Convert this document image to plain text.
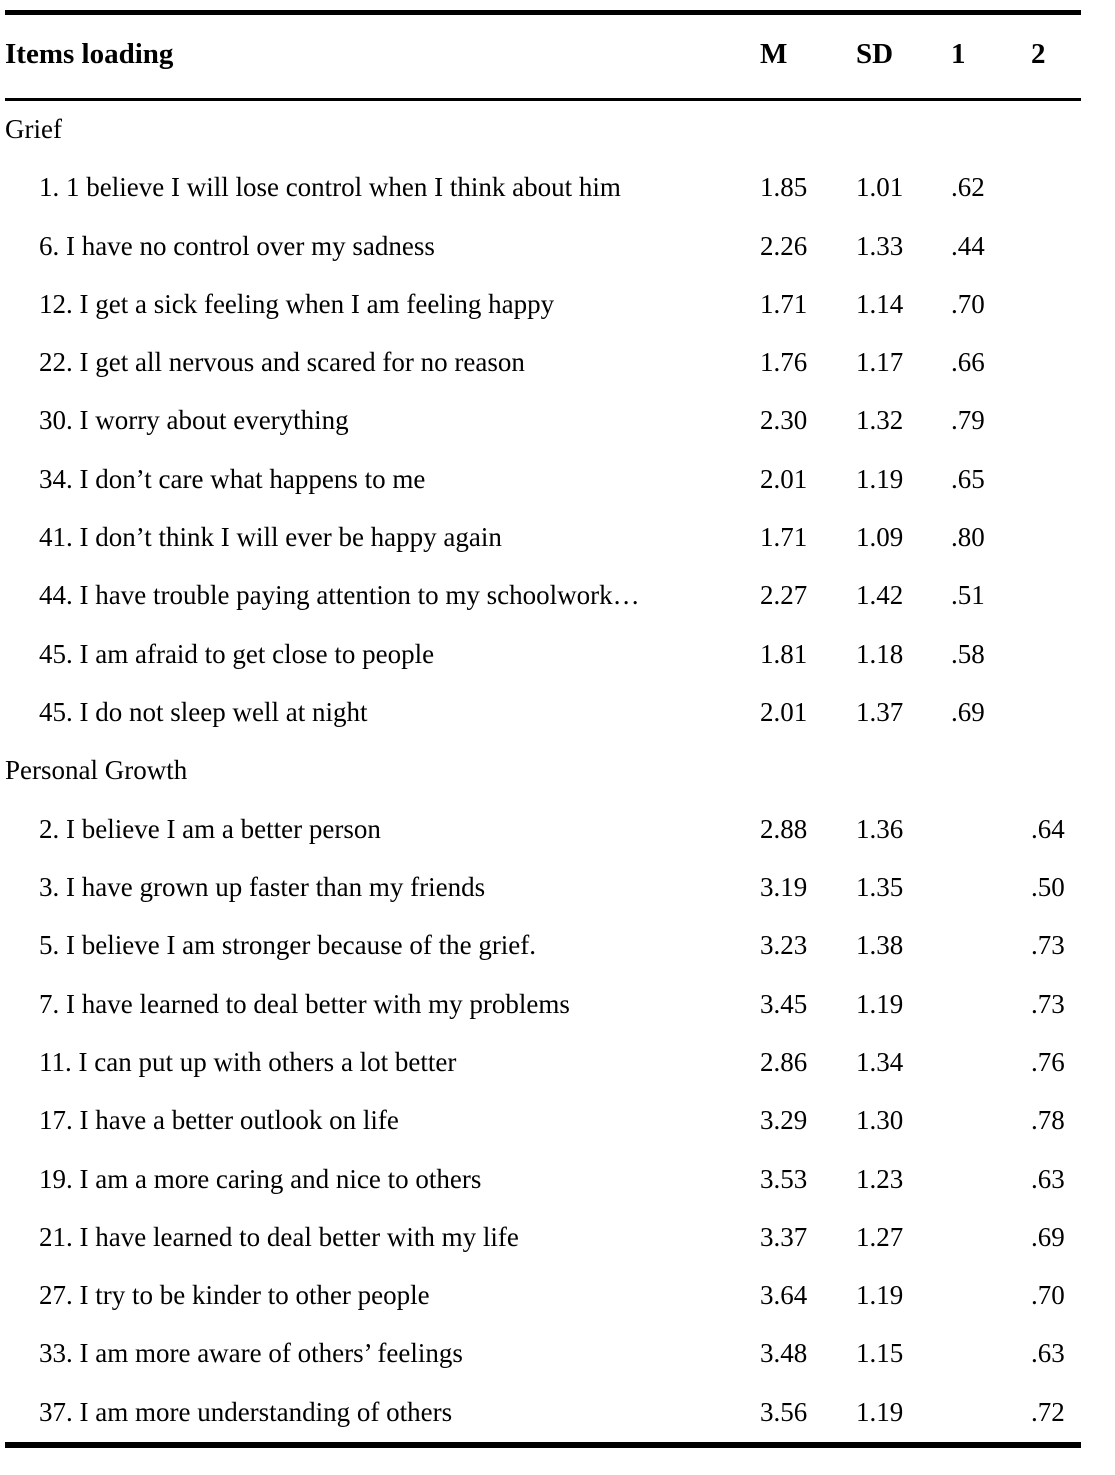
Items loading	M	SD	1	2
Grief				
1. 1 believe I will lose control when I think about him	1.85	1.01	.62	
6. I have no control over my sadness	2.26	1.33	.44	
12. I get a sick feeling when I am feeling happy	1.71	1.14	.70	
22. I get all nervous and scared for no reason	1.76	1.17	.66	
30. I worry about everything	2.30	1.32	.79	
34. I don’t care what happens to me	2.01	1.19	.65	
41. I don’t think I will ever be happy again	1.71	1.09	.80	
44. I have trouble paying attention to my schoolwork…	2.27	1.42	.51	
45. I am afraid to get close to people	1.81	1.18	.58	
45. I do not sleep well at night	2.01	1.37	.69	
Personal Growth				
2. I believe I am a better person	2.88	1.36		.64
3. I have grown up faster than my friends	3.19	1.35		.50
5. I believe I am stronger because of the grief.	3.23	1.38		.73
7. I have learned to deal better with my problems	3.45	1.19		.73
11. I can put up with others a lot better	2.86	1.34		.76
17. I have a better outlook on life	3.29	1.30		.78
19. I am a more caring and nice to others	3.53	1.23		.63
21. I have learned to deal better with my life	3.37	1.27		.69
27. I try to be kinder to other people	3.64	1.19		.70
33. I am more aware of others’ feelings	3.48	1.15		.63
37. I am more understanding of others	3.56	1.19		.72
